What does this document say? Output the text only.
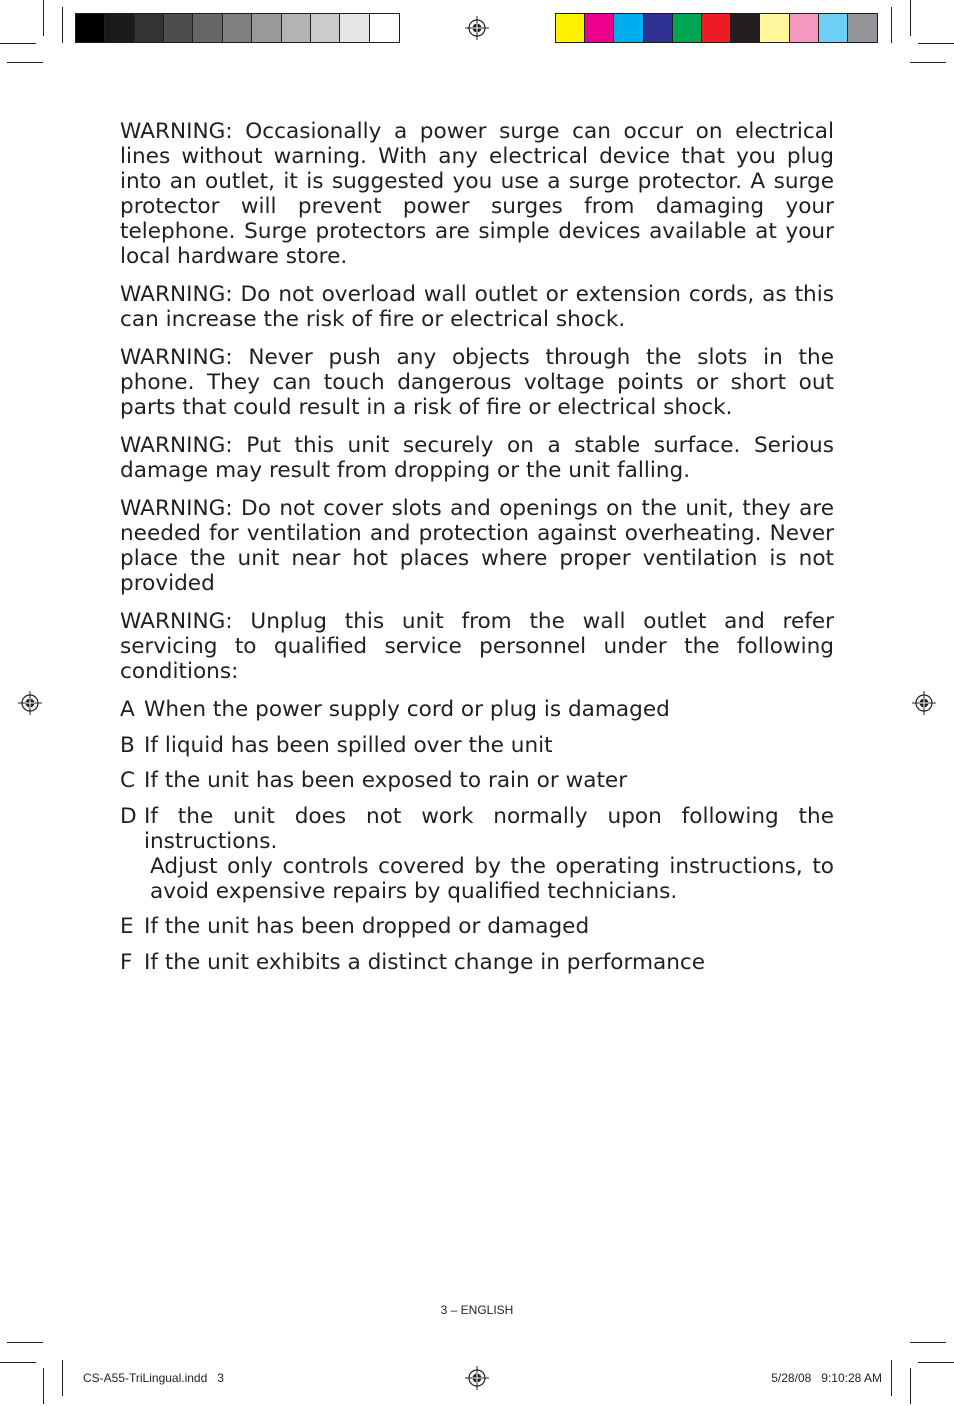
WARNING: Occasionally a power surge can occur on electrical lines without warning. With any electrical device that you plug into an outlet, it is suggested you use a surge protector. A surge protector will prevent power surges from damaging your telephone. Surge protectors are simple devices available at your local hardware store.

WARNING: Do not overload wall outlet or extension cords, as this can increase the risk of fire or electrical shock.

WARNING: Never push any objects through the slots in the phone. They can touch dangerous voltage points or short out parts that could result in a risk of fire or electrical shock.

WARNING: Put this unit securely on a stable surface. Serious damage may result from dropping or the unit falling.

WARNING: Do not cover slots and openings on the unit, they are needed for ventilation and protection against overheating. Never place the unit near hot places where proper ventilation is not provided

WARNING: Unplug this unit from the wall outlet and refer servicing to qualified service personnel under the following conditions:

A When the power supply cord or plug is damaged
B If liquid has been spilled over the unit
C If the unit has been exposed to rain or water
D If the unit does not work normally upon following the instructions.
Adjust only controls covered by the operating instructions, to avoid expensive repairs by qualified technicians.
E If the unit has been dropped or damaged
F If the unit exhibits a distinct change in performance
3 – ENGLISH
CS-A55-TriLingual.indd   3	5/28/08   9:10:28 AM
